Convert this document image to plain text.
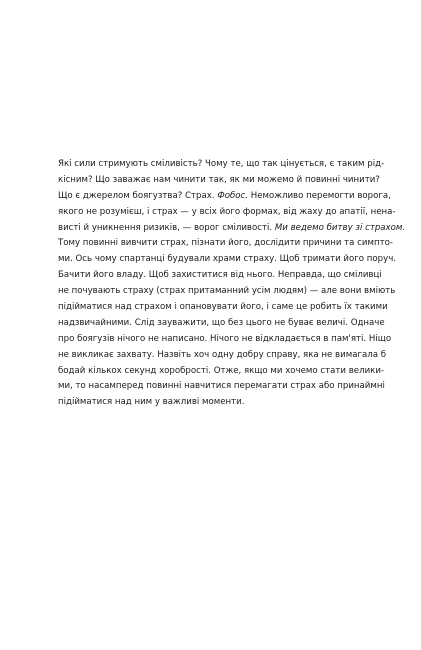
Які сили стримують сміливість? Чому те, що так цінується, є таким рід-
кісним? Що заважає нам чинити так, як ми можемо й повинні чинити?
Що є джерелом боягузтва? Страх. Фобос. Неможливо перемогти ворога,
якого не розумієш, і страх — у всіх його формах, від жаху до апатії, нена-
висті й уникнення ризиків, — ворог сміливості. Ми ведемо битву зі страхом.
Тому повинні вивчити страх, пізнати його, дослідити причини та симпто-
ми. Ось чому спартанці будували храми страху. Щоб тримати його поруч.
Бачити його владу. Щоб захиститися від нього. Неправда, що сміливці
не почувають страху (страх притаманний усім людям) — але вони вміють
підійматися над страхом і опановувати його, і саме це робить їх такими
надзвичайними. Слід зауважити, що без цього не буває величі. Одначе
про боягузів нічого не написано. Нічого не відкладається в пам'яті. Ніщо
не викликає захвату. Назвіть хоч одну добру справу, яка не вимагала б
бодай кількох секунд хоробрості. Отже, якщо ми хочемо стати велики-
ми, то насамперед повинні навчитися перемагати страх або принаймні
підійматися над ним у важливі моменти.
